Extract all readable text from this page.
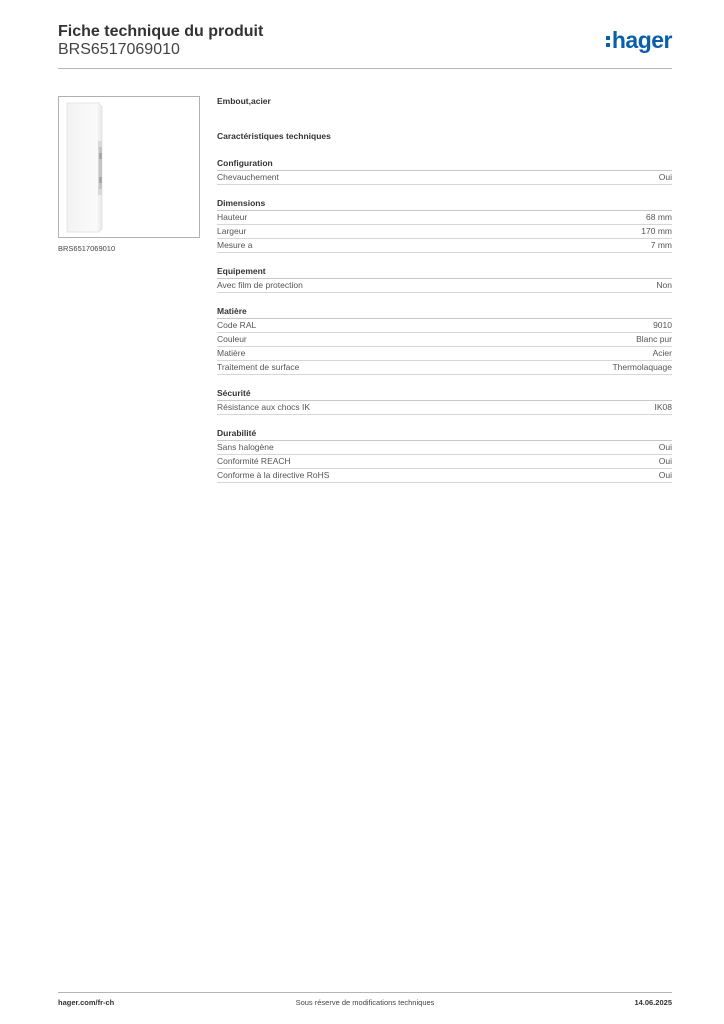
Fiche technique du produit
BRS6517069010	hager
BRS6517069010
Embout,acier
Caractéristiques techniques
Configuration
Chevauchement	Oui
Dimensions
Hauteur	68 mm
Largeur	170 mm
Mesure a	7 mm
Equipement
Avec film de protection	Non
Matière
Code RAL	9010
Couleur	Blanc pur
Matière	Acier
Traitement de surface	Thermolaquage
Sécurité
Résistance aux chocs IK	IK08
Durabilité
Sans halogène	Oui
Conformité REACH	Oui
Conforme à la directive RoHS	Oui
hager.com/fr-ch	Sous réserve de modifications techniques	14.06.2025
